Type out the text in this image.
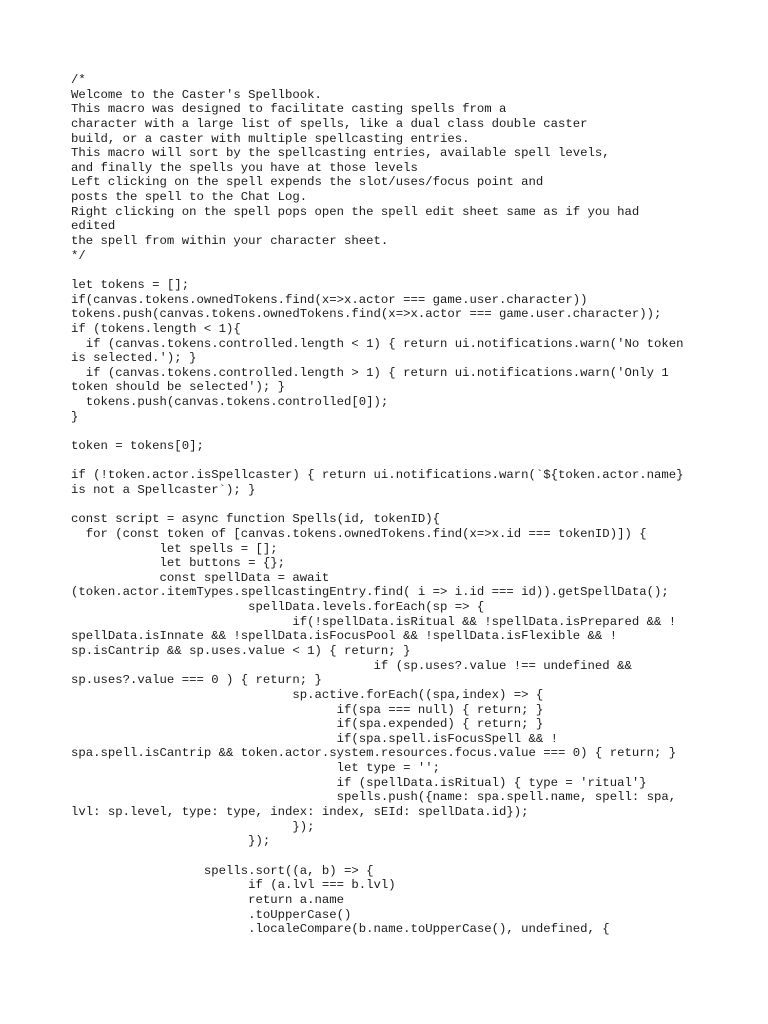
/*
Welcome to the Caster's Spellbook.
This macro was designed to facilitate casting spells from a
character with a large list of spells, like a dual class double caster
build, or a caster with multiple spellcasting entries.
This macro will sort by the spellcasting entries, available spell levels,
and finally the spells you have at those levels
Left clicking on the spell expends the slot/uses/focus point and
posts the spell to the Chat Log.
Right clicking on the spell pops open the spell edit sheet same as if you had
edited
the spell from within your character sheet.
*/
let tokens = [];
if(canvas.tokens.ownedTokens.find(x=>x.actor === game.user.character))
tokens.push(canvas.tokens.ownedTokens.find(x=>x.actor === game.user.character));
if (tokens.length < 1){
if (canvas.tokens.controlled.length < 1) { return ui.notifications.warn('No token
is selected.'); }
if (canvas.tokens.controlled.length > 1) { return ui.notifications.warn('Only 1
token should be selected'); }
tokens.push(canvas.tokens.controlled[0]);
}
token = tokens[0];
if (!token.actor.isSpellcaster) { return ui.notifications.warn(`${token.actor.name}
is not a Spellcaster`); }
const script = async function Spells(id, tokenID){
for (const token of [canvas.tokens.ownedTokens.find(x=>x.id === tokenID)]) {
let spells = [];
let buttons = {};
const spellData = await
(token.actor.itemTypes.spellcastingEntry.find( i => i.id === id)).getSpellData();
spellData.levels.forEach(sp => {
if(!spellData.isRitual && !spellData.isPrepared && !
spellData.isInnate && !spellData.isFocusPool && !spellData.isFlexible && !
sp.isCantrip && sp.uses.value < 1) { return; }
if (sp.uses?.value !== undefined &&
sp.uses?.value === 0 ) { return; }
sp.active.forEach((spa,index) => {
if(spa === null) { return; }
if(spa.expended) { return; }
if(spa.spell.isFocusSpell && !
spa.spell.isCantrip && token.actor.system.resources.focus.value === 0) { return; }
let type = '';
if (spellData.isRitual) { type = 'ritual'}
spells.push({name: spa.spell.name, spell: spa,
lvl: sp.level, type: type, index: index, sEId: spellData.id});
});
});
spells.sort((a, b) => {
if (a.lvl === b.lvl)
return a.name
.toUpperCase()
.localeCompare(b.name.toUpperCase(), undefined, {
